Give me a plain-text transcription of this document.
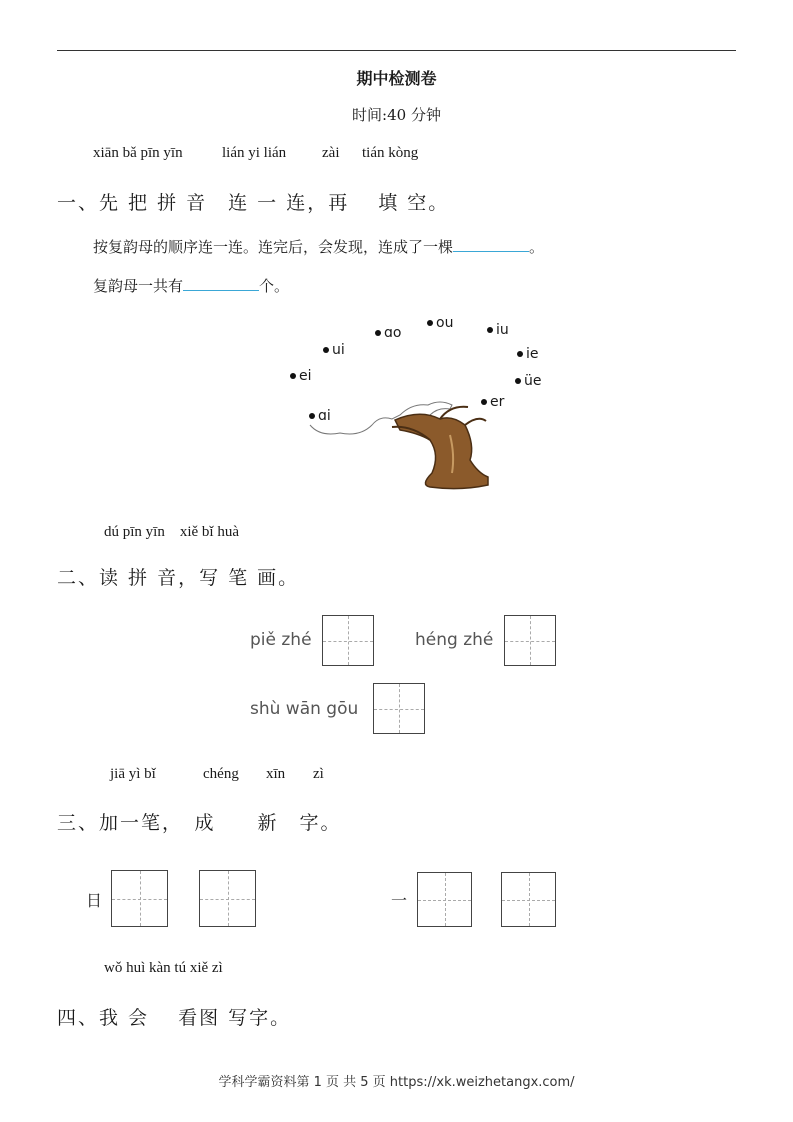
期中检测卷
时间:40 分钟
xiān bǎ pīn yīn	lián yi lián zài tián kòng
一、先 把 拼 音　连 一 连，再　 填 空。
按复韵母的顺序连一连。连完后，会发现，连成了一棵	。
复韵母一共有	个。
ɑo
ou	iu
ui	ie
ei	üe
er
ɑi
dú pīn yīn　xiě bǐ huà
二、读 拼 音，写 笔 画。
piě zhé	héng zhé
shù wān gōu
jiā yì bǐ	chéng xīn zì
三、加一笔，　成　　新　字。
日	一
wǒ huì kàn tú xiě zì
四、我 会　 看图 写字。
学科学霸资料第 1 页 共 5 页 https://xk.weizhetangx.com/
